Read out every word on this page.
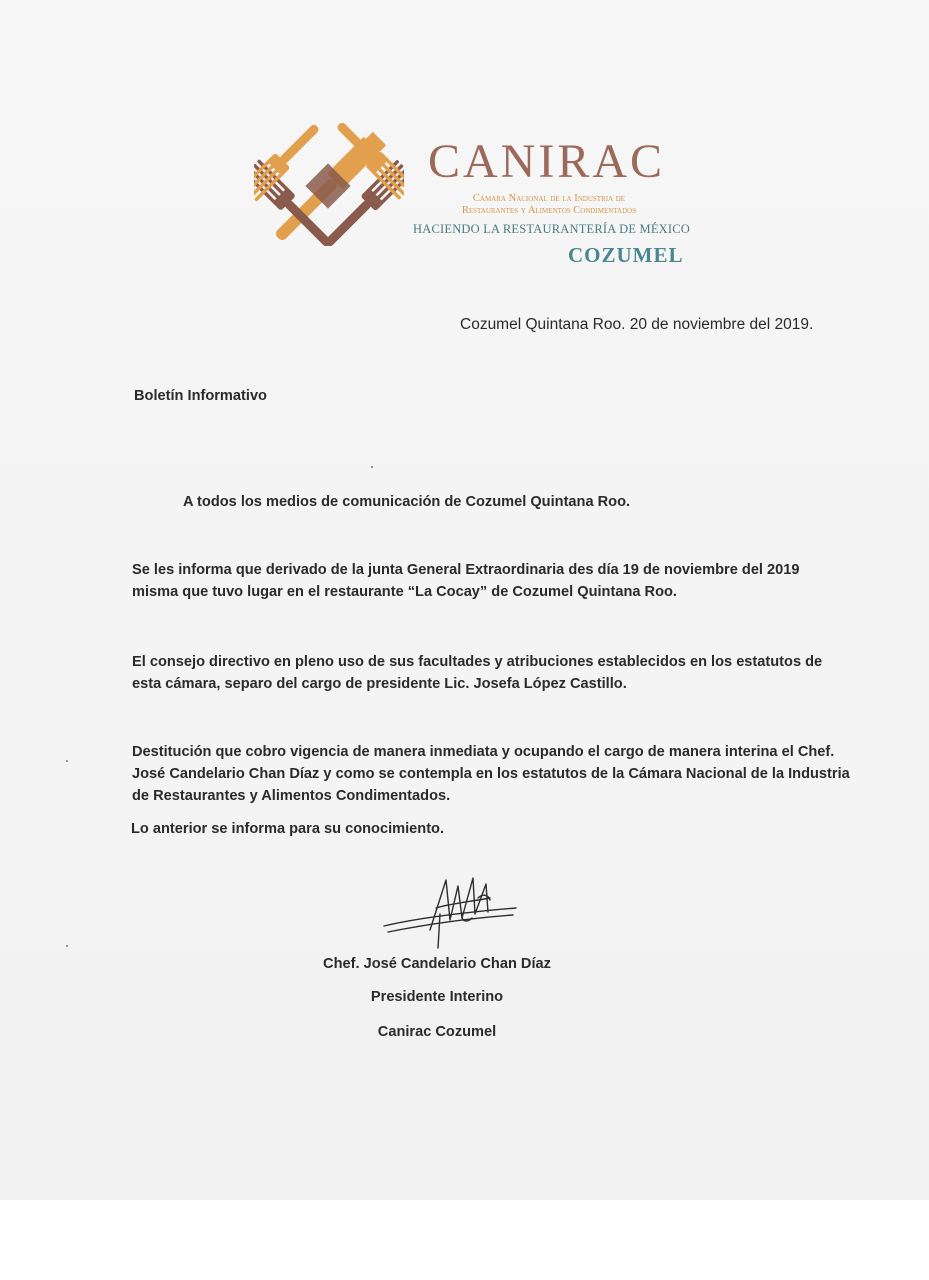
CANIRAC
Cámara Nacional de la Industria de
Restaurantes y Alimentos Condimentados
HACIENDO LA RESTAURANTERÍA DE MÉXICO
COZUMEL
Cozumel Quintana Roo. 20 de noviembre del 2019.
Boletín Informativo
A todos los medios de comunicación de Cozumel Quintana Roo.
Se les informa que derivado de la junta General Extraordinaria des día 19 de noviembre del 2019 misma que tuvo lugar en el restaurante “La Cocay” de Cozumel Quintana Roo.
El consejo directivo en pleno uso de sus facultades y atribuciones establecidos en los estatutos de esta cámara, separo del cargo de presidente Lic. Josefa López Castillo.
Destitución que cobro vigencia de manera inmediata y ocupando el cargo de manera interina el Chef. José Candelario Chan Díaz y como se contempla en los estatutos de la Cámara Nacional de la Industria de Restaurantes y Alimentos Condimentados.
Lo anterior se informa para su conocimiento.
Chef. José Candelario Chan Díaz
Presidente Interino
Canirac Cozumel
